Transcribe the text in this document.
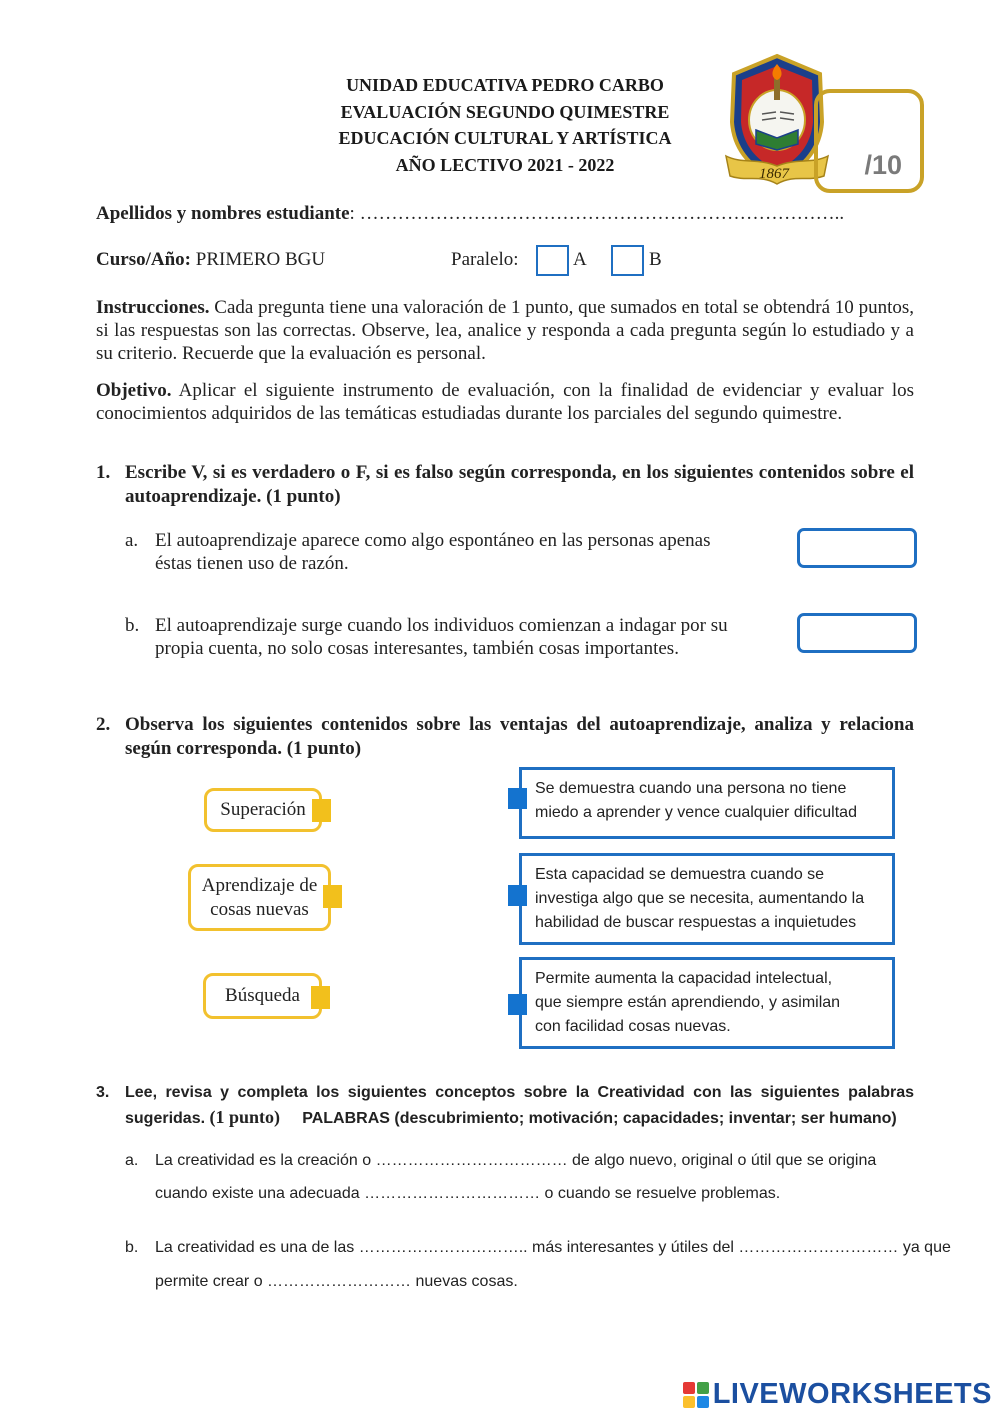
UNIDAD EDUCATIVA PEDRO CARBO
EVALUACIÓN SEGUNDO QUIMESTRE
EDUCACIÓN CULTURAL Y ARTÍSTICA
AÑO LECTIVO 2021 - 2022	1867	/10
Apellidos y nombres estudiante: …………………………………………………………………..
Curso/Año: PRIMERO BGU	Paralelo:	A	B
Instrucciones. Cada pregunta tiene una valoración de 1 punto, que sumados en total se obtendrá 10 puntos, si las respuestas son las correctas. Observe, lea, analice y responda a cada pregunta según lo estudiado y a su criterio. Recuerde que la evaluación es personal.
Objetivo. Aplicar el siguiente instrumento de evaluación, con la finalidad de evidenciar y evaluar los conocimientos adquiridos de las temáticas estudiadas durante los parciales del segundo quimestre.
1. Escribe V, si es verdadero o F, si es falso según corresponda, en los siguientes contenidos sobre el autoaprendizaje. (1 punto)
a. El autoaprendizaje aparece como algo espontáneo en las personas apenas
éstas tienen uso de razón.
b. El autoaprendizaje surge cuando los individuos comienzan a indagar por su
propia cuenta, no solo cosas interesantes, también cosas importantes.
2. Observa los siguientes contenidos sobre las ventajas del autoaprendizaje, analiza y relaciona según corresponda. (1 punto)
Superación
Aprendizaje de
cosas nuevas
Búsqueda
Se demuestra cuando una persona no tiene
miedo a aprender y vence cualquier dificultad
Esta capacidad se demuestra cuando se
investiga algo que se necesita, aumentando la
habilidad de buscar respuestas a inquietudes
Permite aumenta la capacidad intelectual,
que siempre están aprendiendo, y asimilan
con facilidad cosas nuevas.
3. Lee, revisa y completa los siguientes conceptos sobre la Creatividad con las siguientes palabras sugeridas. (1 punto) PALABRAS (descubrimiento; motivación; capacidades; inventar; ser humano)
a. La creatividad es la creación o ……………………………… de algo nuevo, original o útil que se origina
cuando existe una adecuada …………………………… o cuando se resuelve problemas.
b. La creatividad es una de las ………………………….. más interesantes y útiles del ………………………… ya que
permite crear o ……………………… nuevas cosas.
LIVEWORKSHEETS
